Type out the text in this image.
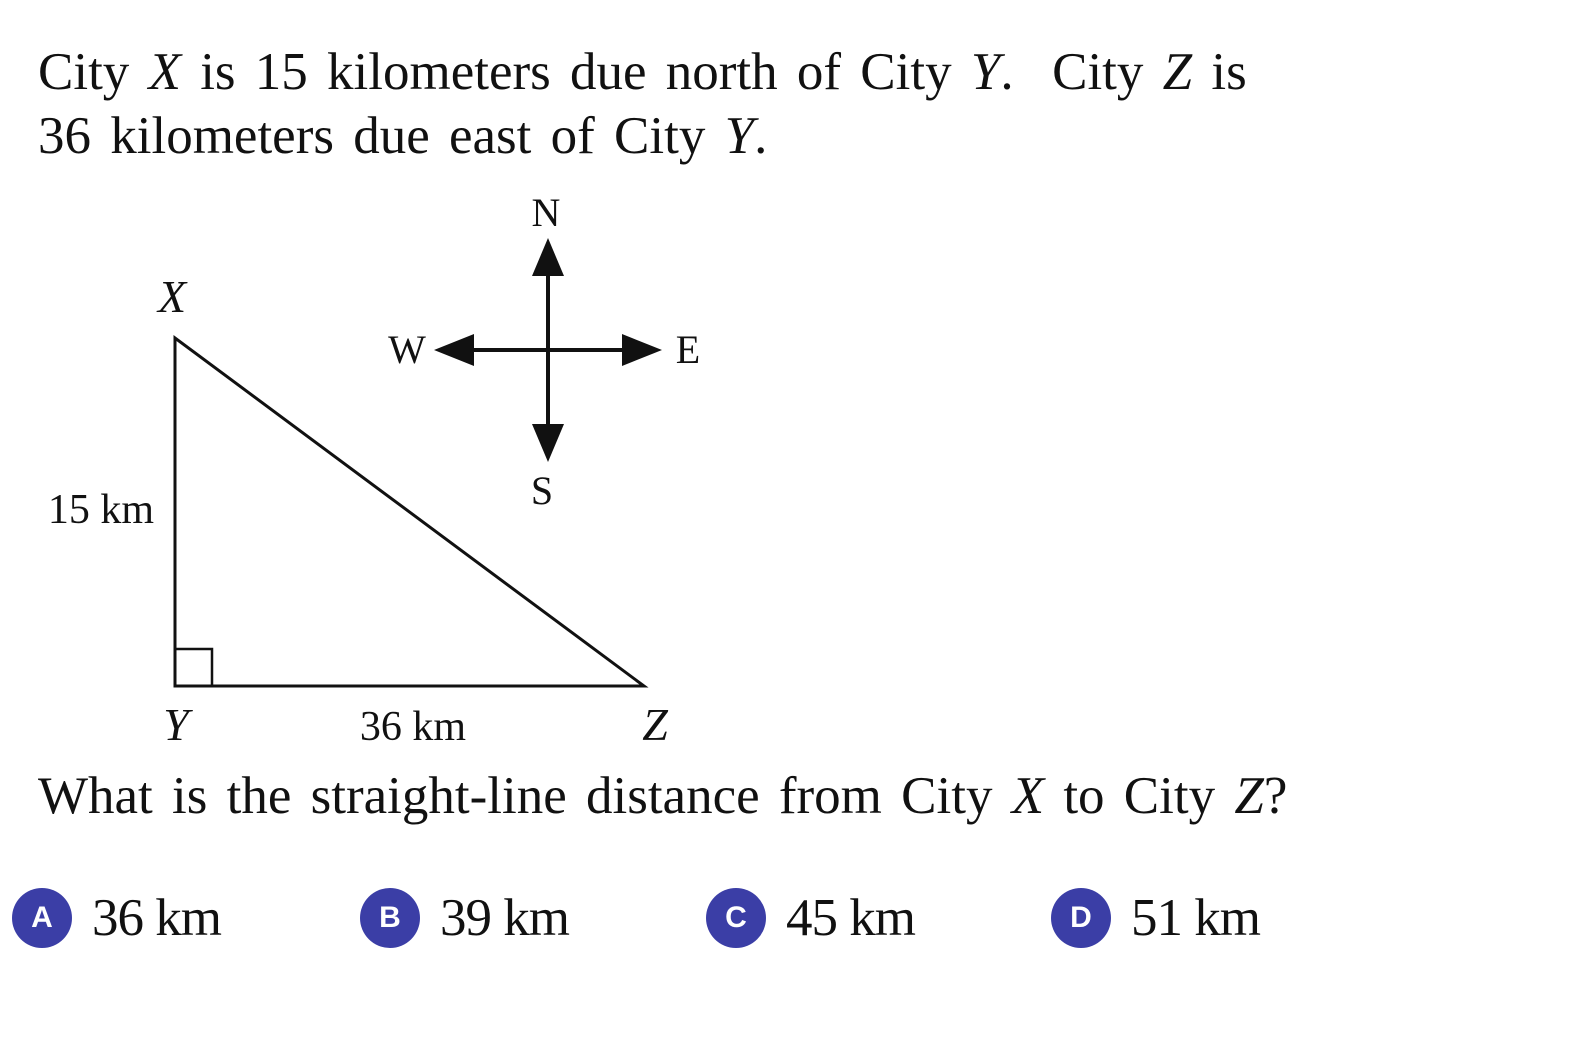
City X is 15 kilometers due north of City Y.  City Z is
36 kilometers due east of City Y.
X
Y	Z
15 km
36 km
N
S
E
W
What is the straight-line distance from City X to City Z?
A 36 km	B 39 km	C 45 km	D 51 km
